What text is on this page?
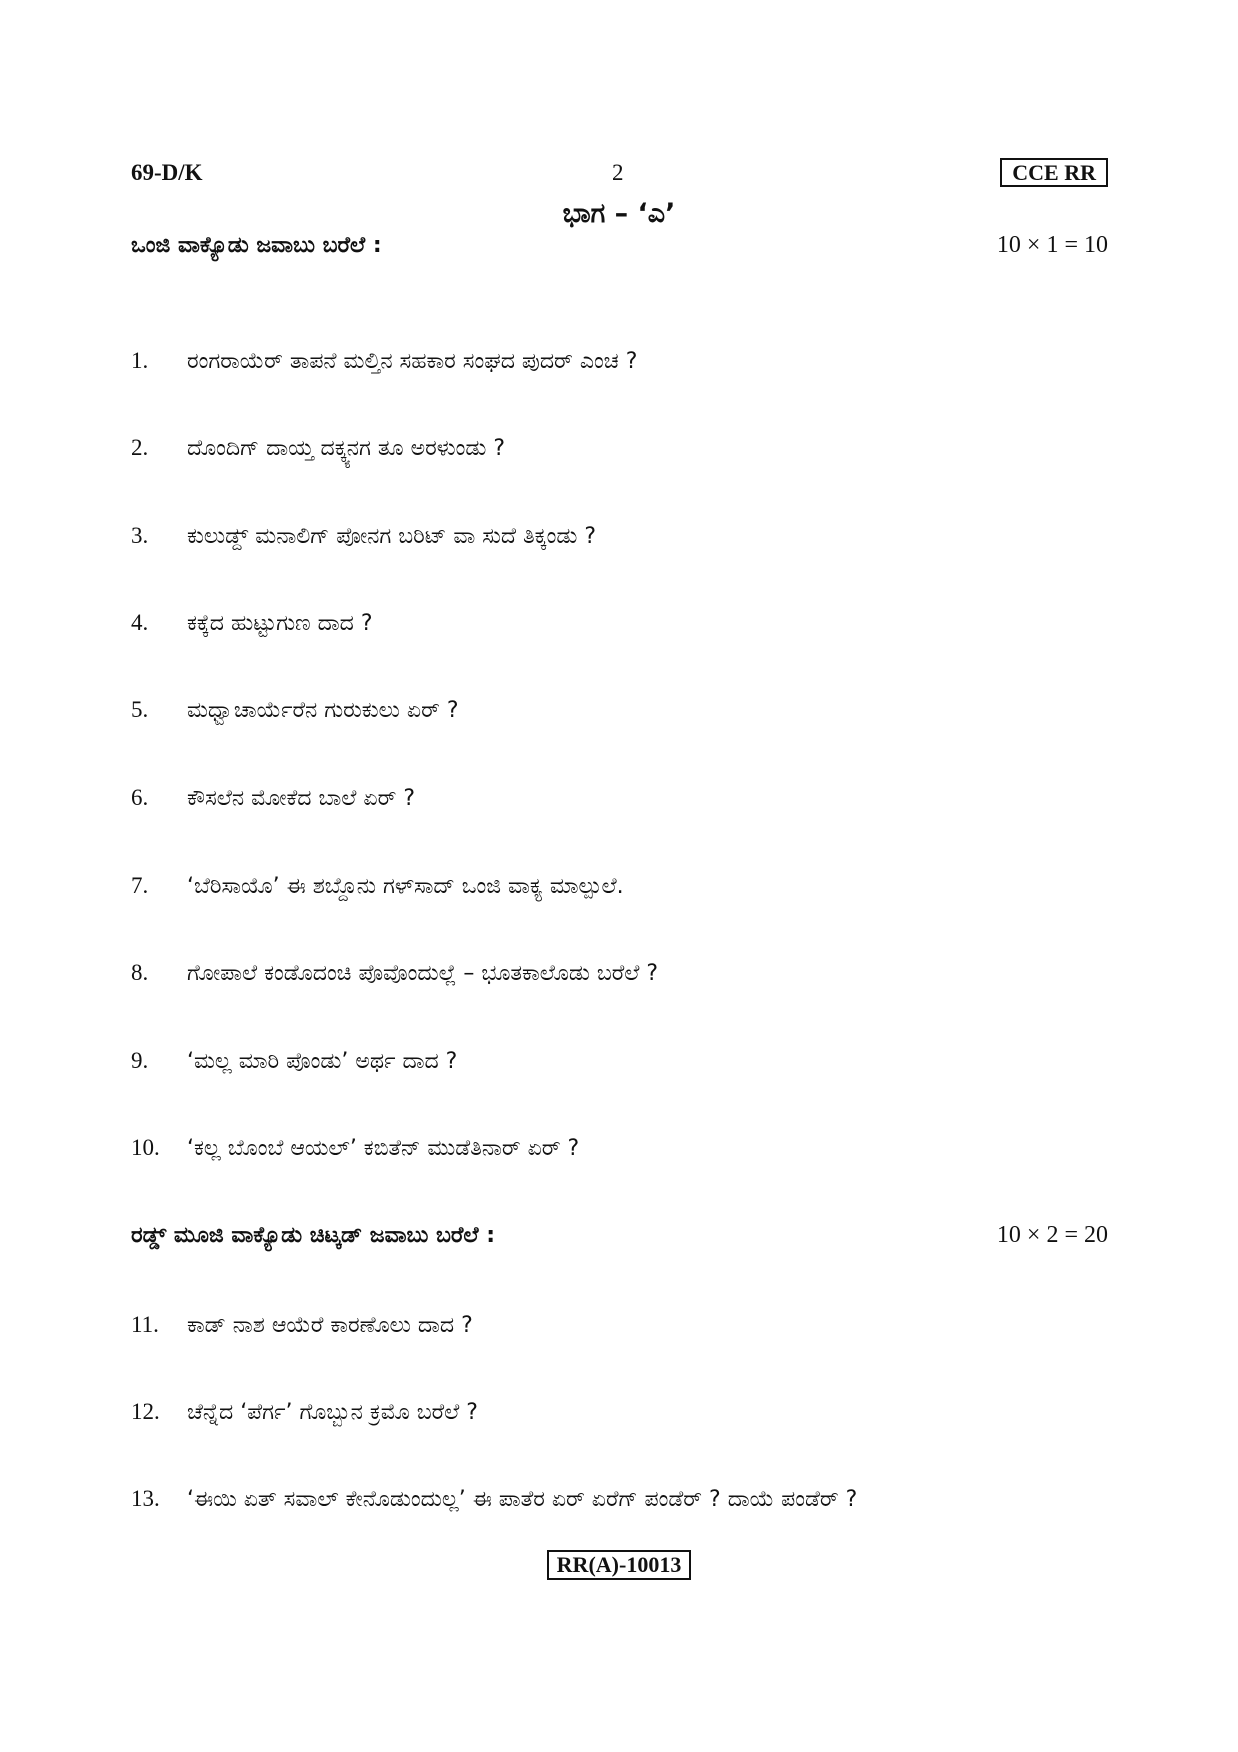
69-D/K	2	CCE RR
ಭಾಗ – ‘ಎ’
ಒಂಜಿ ವಾಕ್ಯೊಡು ಜವಾಬು ಬರೆಲೆ :	10 × 1 = 10
1.	ರಂಗರಾಯೆರ್ ತಾಪನೆ ಮಲ್ತಿನ ಸಹಕಾರ ಸಂಘದ ಪುದರ್ ಎಂಚ ?
2.	ದೊಂದಿಗ್ ದಾಯ್ತ ದಕ್ಕ್ಯನಗ ತೂ ಅರಳುಂಡು ?
3.	ಕುಲುಡ್ದ್ ಮನಾಲಿಗ್ ಪೋನಗ ಬರಿಟ್ ವಾ ಸುದೆ ತಿಕ್ಕಂಡು ?
4.	ಕಕ್ಕೆದ ಹುಟ್ಟುಗುಣ ದಾದ ?
5.	ಮಧ್ವಾಚಾರ್ಯೆರೆನ ಗುರುಕುಲು ಏರ್ ?
6.	ಕೌಸಲೆನ ಮೋಕೆದ ಬಾಲೆ ಏರ್ ?
7.	‘ಬೆರಿಸಾಯೊ’ ಈ ಶಬ್ದೊನು ಗಳ್‌ಸಾದ್ ಒಂಜಿ ವಾಕ್ಯ ಮಾಲ್ಪುಲೆ.
8.	ಗೋಪಾಲೆ ಕಂಡೊದಂಚಿ ಪೊವೊಂದುಲ್ಲೆ – ಭೂತಕಾಲೊಡು ಬರೆಲೆ ?
9.	‘ಮಲ್ಲ ಮಾರಿ ಪೊಂಡು’ ಅರ್ಥ ದಾದ ?
10.	‘ಕಲ್ಲ ಬೊಂಬೆ ಆಯಲ್’ ಕಬಿತೆನ್ ಮುಡೆತಿನಾರ್ ಏರ್ ?
ರಡ್ಡ್ ಮೂಜಿ ವಾಕ್ಯೊಡು ಚಿಟ್ಕಡ್ ಜವಾಬು ಬರೆಲೆ :	10 × 2 = 20
11.	ಕಾಡ್ ನಾಶ ಆಯೆರೆ ಕಾರಣೊಲು ದಾದ ?
12.	ಚೆನ್ನೆದ ‘ಪೆರ್ಗ’ ಗೊಬ್ಬುನ ಕ್ರಮೊ ಬರೆಲೆ ?
13.	‘ಈಯಿ ಏತ್ ಸವಾಲ್ ಕೇನೊಡುಂದುಲ್ಲ’ ಈ ಪಾತೆರ ಏರ್ ಏರೆಗ್ ಪಂಡೆರ್ ? ದಾಯೆ ಪಂಡೆರ್ ?
RR(A)-10013
